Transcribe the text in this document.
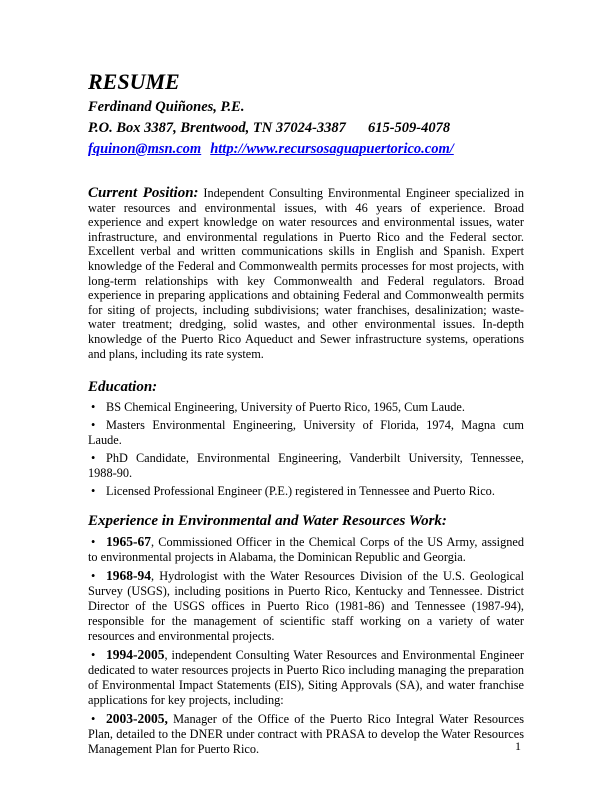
RESUME
Ferdinand Quiñones, P.E.
P.O. Box 3387, Brentwood, TN 37024-3387 615-509-4078
fquinon@msn.com http://www.recursosaguapuertorico.com/

Current Position: Independent Consulting Environmental Engineer specialized in water resources and environmental issues, with 46 years of experience. Broad experience and expert knowledge on water resources and environmental issues, water infrastructure, and environmental regulations in Puerto Rico and the Federal sector. Excellent verbal and written communications skills in English and Spanish. Expert knowledge of the Federal and Commonwealth permits processes for most projects, with long-term relationships with key Commonwealth and Federal regulators. Broad experience in preparing applications and obtaining Federal and Commonwealth permits for siting of projects, including subdivisions; water franchises, desalinization; waste-water treatment; dredging, solid wastes, and other environmental issues. In-depth knowledge of the Puerto Rico Aqueduct and Sewer infrastructure systems, operations and plans, including its rate system.

Education:

• BS Chemical Engineering, University of Puerto Rico, 1965, Cum Laude.

• Masters Environmental Engineering, University of Florida, 1974, Magna cum Laude.

• PhD Candidate, Environmental Engineering, Vanderbilt University, Tennessee, 1988-90.

• Licensed Professional Engineer (P.E.) registered in Tennessee and Puerto Rico.

Experience in Environmental and Water Resources Work:

• 1965-67, Commissioned Officer in the Chemical Corps of the US Army, assigned to environmental projects in Alabama, the Dominican Republic and Georgia.

• 1968-94, Hydrologist with the Water Resources Division of the U.S. Geological Survey (USGS), including positions in Puerto Rico, Kentucky and Tennessee. District Director of the USGS offices in Puerto Rico (1981-86) and Tennessee (1987-94), responsible for the management of scientific staff working on a variety of water resources and environmental projects.

• 1994-2005, independent Consulting Water Resources and Environmental Engineer dedicated to water resources projects in Puerto Rico including managing the preparation of Environmental Impact Statements (EIS), Siting Approvals (SA), and water franchise applications for key projects, including:

• 2003-2005, Manager of the Office of the Puerto Rico Integral Water Resources Plan, detailed to the DNER under contract with PRASA to develop the Water Resources Management Plan for Puerto Rico.	1
